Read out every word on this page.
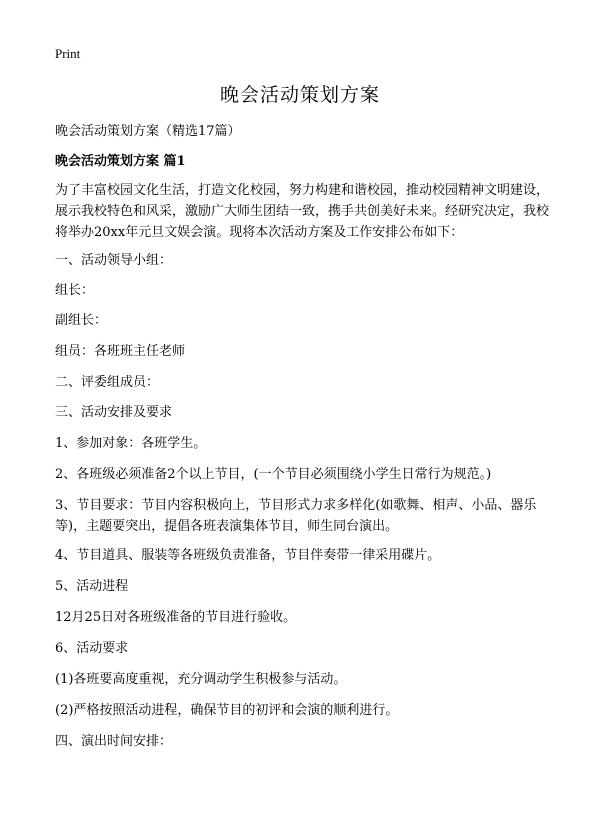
Print
晚会活动策划方案

晚会活动策划方案（精选17篇）

晚会活动策划方案 篇1

为了丰富校园文化生活，打造文化校园，努力构建和谐校园，推动校园精神文明建设，展示我校特色和风采，激励广大师生团结一致，携手共创美好未来。经研究决定，我校将举办20xx年元旦文娱会演。现将本次活动方案及工作安排公布如下：

一、活动领导小组：

组长：

副组长：

组员：各班班主任老师

二、评委组成员：

三、活动安排及要求

1、参加对象：各班学生。

2、各班级必须准备2个以上节目，(一个节目必须围绕小学生日常行为规范。)

3、节目要求：节目内容积极向上，节目形式力求多样化(如歌舞、相声、小品、器乐等)，主题要突出，提倡各班表演集体节目，师生同台演出。

4、节目道具、服装等各班级负责准备，节目伴奏带一律采用碟片。

5、活动进程

12月25日对各班级准备的节目进行验收。

6、活动要求

(1)各班要高度重视，充分调动学生积极参与活动。

(2)严格按照活动进程，确保节目的初评和会演的顺利进行。

四、演出时间安排：
